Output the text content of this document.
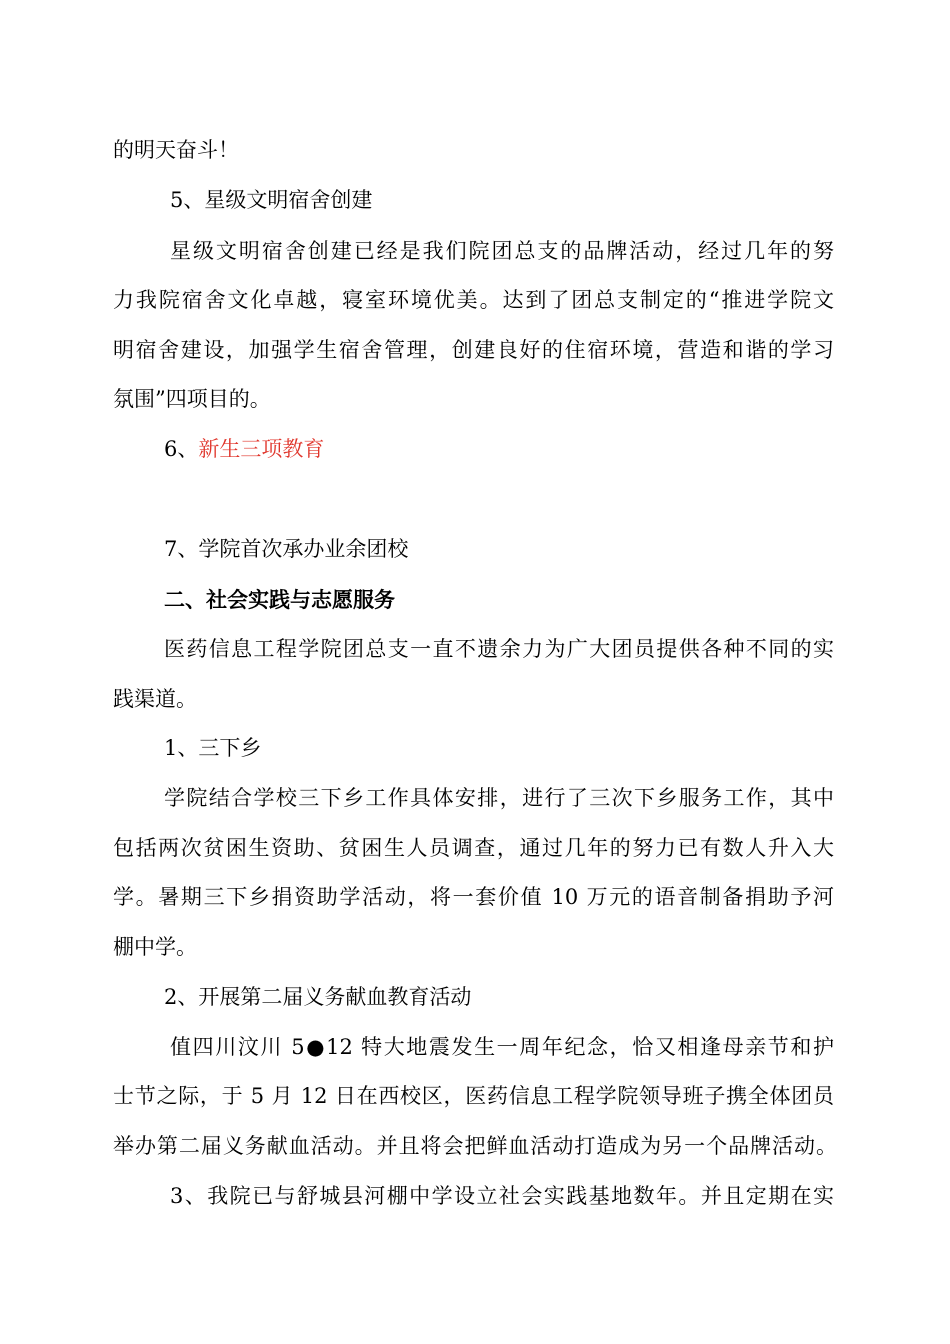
的明天奋斗！
5、星级文明宿舍创建
星级文明宿舍创建已经是我们院团总支的品牌活动，经过几年的努
力我院宿舍文化卓越，寝室环境优美。达到了团总支制定的“推进学院文
明宿舍建设，加强学生宿舍管理，创建良好的住宿环境，营造和谐的学习
氛围”四项目的。
6、新生三项教育
7、学院首次承办业余团校
二、社会实践与志愿服务
医药信息工程学院团总支一直不遗余力为广大团员提供各种不同的实
践渠道。
1、三下乡
学院结合学校三下乡工作具体安排，进行了三次下乡服务工作，其中
包括两次贫困生资助、贫困生人员调查，通过几年的努力已有数人升入大
学。暑期三下乡捐资助学活动，将一套价值 10 万元的语音制备捐助予河
棚中学。
2、开展第二届义务献血教育活动
值四川汶川 5●12 特大地震发生一周年纪念，恰又相逢母亲节和护
士节之际，于 5 月 12 日在西校区，医药信息工程学院领导班子携全体团员
举办第二届义务献血活动。并且将会把鲜血活动打造成为另一个品牌活动。
3、我院已与舒城县河棚中学设立社会实践基地数年。并且定期在实
